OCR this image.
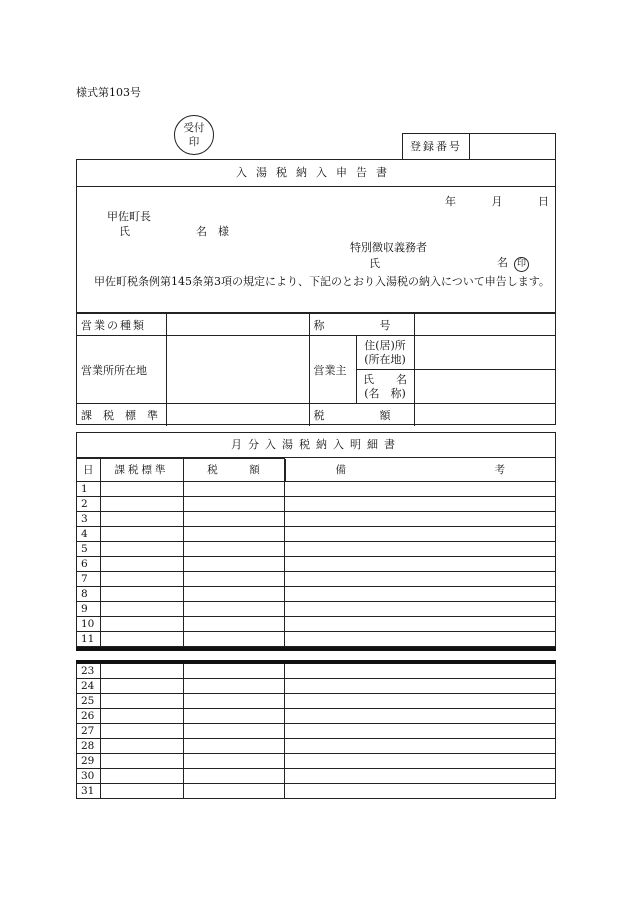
様式第103号
受付
印	登録番号
入湯税納入申告書
年	月	日
甲佐町長
氏	名　様
特別徴収義務者
氏	名 印
甲佐町税条例第145条第3項の規定により、下記のとおり入湯税の納入について申告します。
営業の種類		称　　　　　号		
営業所所在地		営業主	住(居)所
(所在地)	
			氏　　名
(名　称)	
課　税　標　準		税　　　　　額		
月分入湯税納入明細書
日	課税標準	税　　　額		備	考

1			
2			
3			
4			
5			
6			
7			
8			
9			
10			
11			
23			
24			
25			
26			
27			
28			
29			
30			
31			
